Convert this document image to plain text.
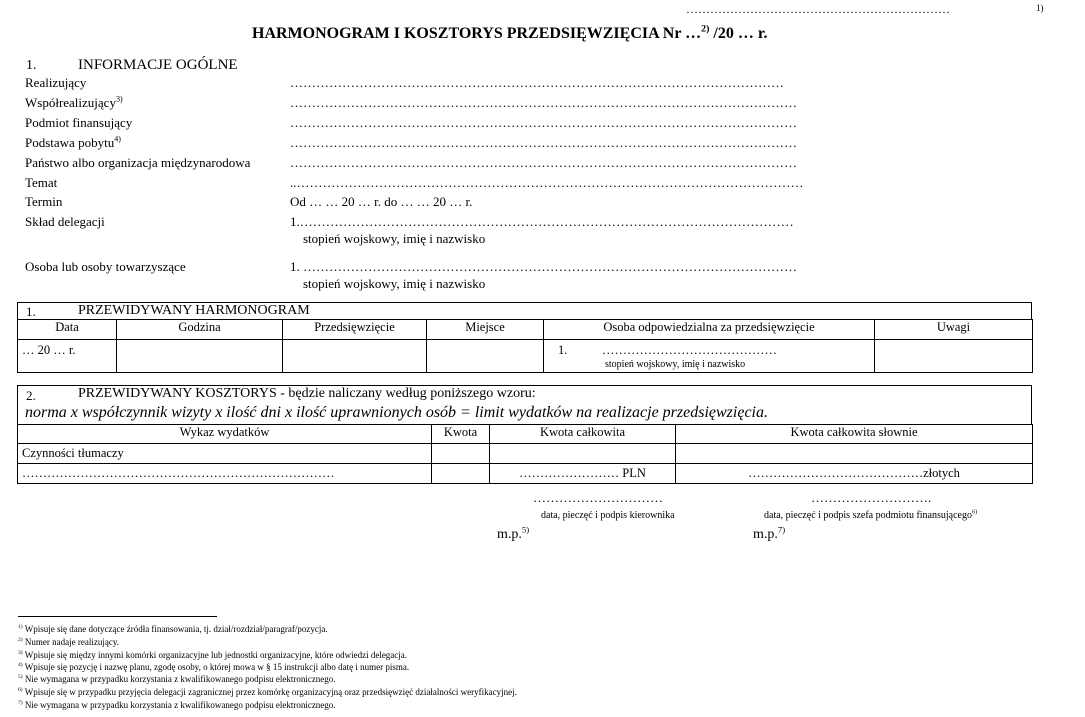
…………………………………………………………	1)
HARMONOGRAM I KOSZTORYS PRZEDSIĘWZIĘCIA Nr …$^{2)}$ /20 … r.
1.	INFORMACJE OGÓLNE
Realizujący	……………………………………………………………………………………………………
Współrealizujący$^{3)}$	………………………………………………………………………………………………………
Podmiot finansujący	………………………………………………………………………………………………………
Podstawa pobytu$^{4)}$	………………………………………………………………………………………………………
Państwo albo organizacja międzynarodowa	………………………………………………………………………………………………………
Temat	..………………………………………………………………………………………………………
Termin	Od … … 20 … r. do … … 20 … r.
Skład delegacji	1.……………………………………………………………………………………………………
stopień wojskowy, imię i nazwisko
Osoba lub osoby towarzyszące	1. ……………………………………………………………………………………………………
stopień wojskowy, imię i nazwisko
1.	PRZEWIDYWANY HARMONOGRAM
Data	Godzina	Przedsięwzięcie	Miejsce	Osoba odpowiedzialna za przedsięwzięcie	Uwagi
… 20 … r.				1. ……………………………………
stopień wojskowy, imię i nazwisko	

2.	PRZEWIDYWANY KOSZTORYS - będzie naliczany według poniższego wzoru:
norma x współczynnik wizyty x ilość dni x ilość uprawnionych osób = limit wydatków na realizacje przedsięwzięcia.
Wykaz wydatków	Kwota	Kwota całkowita	Kwota całkowita słownie
Czynności tłumaczy			
…………………………………………………………………		…………………… PLN	……………………………………złotych
…………………………
data, pieczęć i podpis kierownika
m.p.$^{5)}$
……………………….
data, pieczęć i podpis szefa podmiotu finansującego$^{6)}$
m.p.$^{7)}$
$^{1)}$ Wpisuje się dane dotyczące źródła finansowania, tj. dział/rozdział/paragraf/pozycja.
$^{2)}$ Numer nadaje realizujący.
$^{3)}$ Wpisuje się między innymi komórki organizacyjne lub jednostki organizacyjne, które odwiedzi delegacja.
$^{4)}$ Wpisuje się pozycję i nazwę planu, zgodę osoby, o której mowa w § 15 instrukcji albo datę i numer pisma.
$^{5)}$ Nie wymagana w przypadku korzystania z kwalifikowanego podpisu elektronicznego.
$^{6)}$ Wpisuje się w przypadku przyjęcia delegacji zagranicznej przez komórkę organizacyjną oraz przedsięwzięć działalności weryfikacyjnej.
$^{7)}$ Nie wymagana w przypadku korzystania z kwalifikowanego podpisu elektronicznego.
